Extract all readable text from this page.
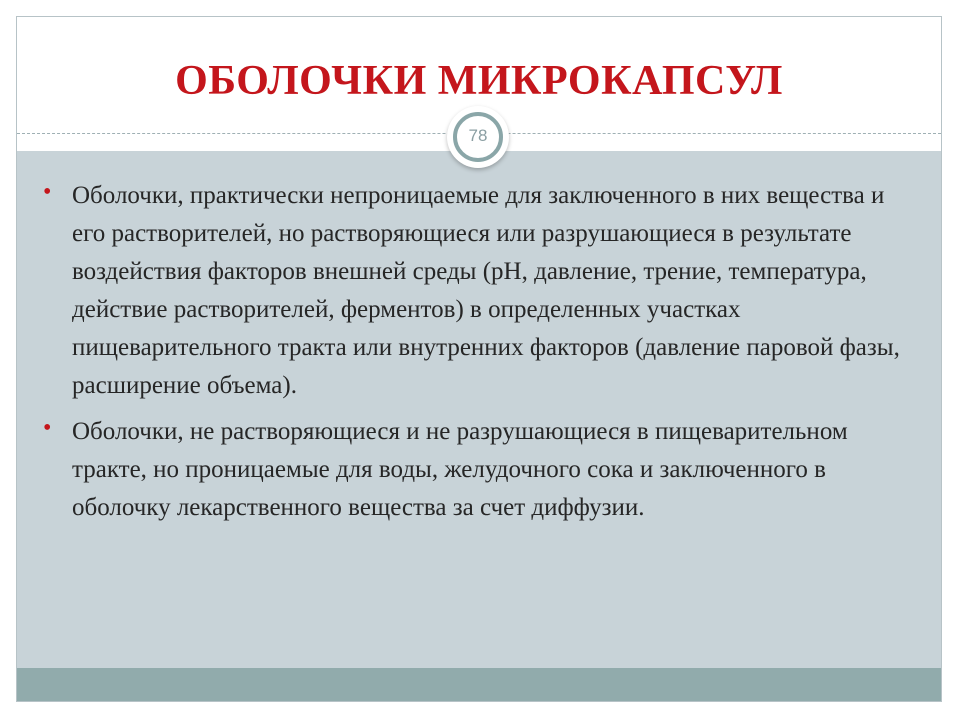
ОБОЛОЧКИ МИКРОКАПСУЛ
78
• Оболочки, практически непроницаемые для заключенного в них вещества и его растворителей, но растворяющиеся или разрушающиеся в результате воздействия факторов внешней среды (рН, давление, трение, температура, действие растворителей, ферментов) в определенных участках пищеварительного тракта или внутренних факторов (давление паровой фазы, расширение объема).
• Оболочки, не растворяющиеся и не разрушающиеся в пищеварительном тракте, но проницаемые для воды, желудочного сока и заключенного в оболочку лекарственного вещества за счет диффузии.
